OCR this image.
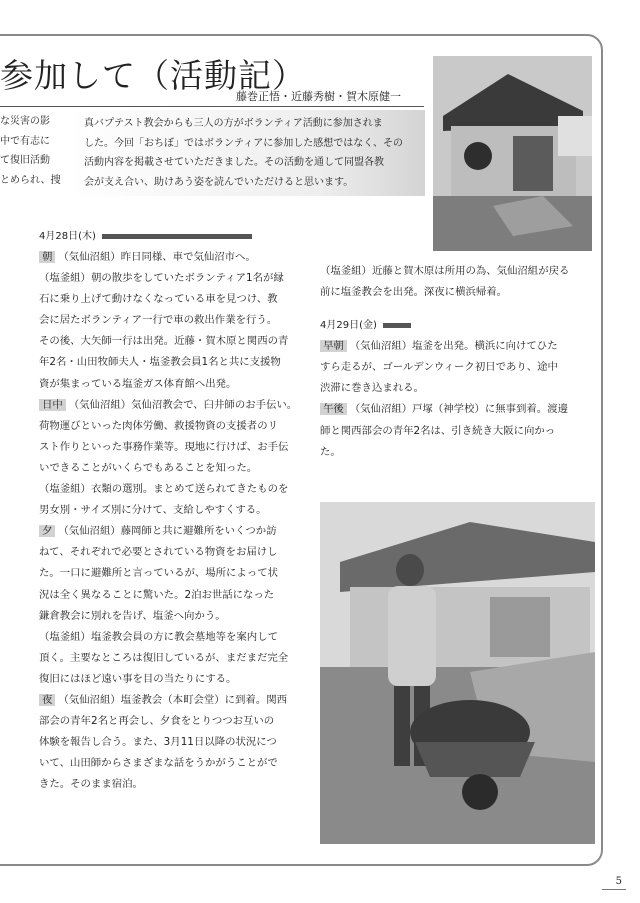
参加して（活動記）
藤巻正悟・近藤秀樹・賀木原健一
な災害の影
中で有志に
て復旧活動
とめられ、捜
真バプテスト教会からも三人の方がボランティア活動に参加されま
した。今回「おちぼ」ではボランティアに参加した感想ではなく、その
活動内容を掲載させていただきました。その活動を通して同盟各教
会が支え合い、助けあう姿を読んでいただけると思います。
4月28日(木)

朝 （気仙沼組）昨日同様、車で気仙沼市へ。

（塩釜組）朝の散歩をしていたボランティア1名が縁

石に乗り上げて動けなくなっている車を見つけ、教

会に居たボランティア一行で車の救出作業を行う。

その後、大矢師一行は出発。近藤・賀木原と関西の青

年2名・山田牧師夫人・塩釜教会員1名と共に支援物

資が集まっている塩釜ガス体育館へ出発。

日中 （気仙沼組）気仙沼教会で、臼井師のお手伝い。

荷物運びといった肉体労働、救援物資の支援者のリ

スト作りといった事務作業等。現地に行けば、お手伝

いできることがいくらでもあることを知った。

（塩釜組）衣類の選別。まとめて送られてきたものを

男女別・サイズ別に分けて、支給しやすくする。

夕 （気仙沼組）藤岡師と共に避難所をいくつか訪

ねて、それぞれで必要とされている物資をお届けし

た。一口に避難所と言っているが、場所によって状

況は全く異なることに驚いた。2泊お世話になった

鎌倉教会に別れを告げ、塩釜へ向かう。

（塩釜組）塩釜教会員の方に教会墓地等を案内して

頂く。主要なところは復旧しているが、まだまだ完全

復旧にはほど遠い事を目の当たりにする。

夜 （気仙沼組）塩釜教会（本町会堂）に到着。関西

部会の青年2名と再会し、夕食をとりつつお互いの

体験を報告し合う。また、3月11日以降の状況につ

いて、山田師からさまざまな話をうかがうことがで

きた。そのまま宿泊。

（塩釜組）近藤と賀木原は所用の為、気仙沼組が戻る

前に塩釜教会を出発。深夜に横浜帰着。

4月29日(金)

早朝 （気仙沼組）塩釜を出発。横浜に向けてひた

すら走るが、ゴールデンウィーク初日であり、途中

渋滞に巻き込まれる。

午後 （気仙沼組）戸塚（神学校）に無事到着。渡邊

師と関西部会の青年2名は、引き続き大阪に向かっ

た。

5
